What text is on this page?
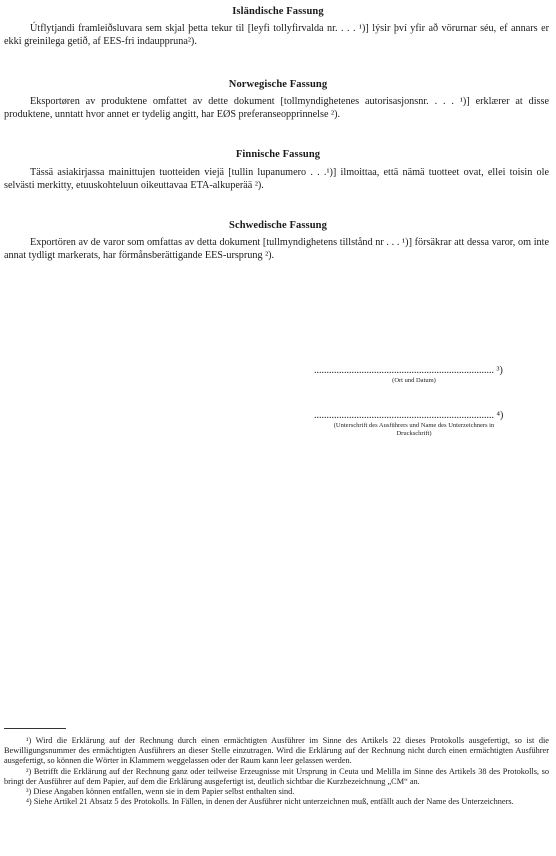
Isländische Fassung
Útflytjandi framleiðsluvara sem skjal þetta tekur til [leyfi tollyfirvalda nr. . . . ¹)] lýsir því yfir að vörurnar séu, ef annars er ekki greinilega getið, af EES-fri indauppruna²).
Norwegische Fassung
Eksportøren av produktene omfattet av dette dokument [tollmyndighetenes autorisasjonsnr. . . . ¹)] erklærer at disse produktene, unntatt hvor annet er tydelig angitt, har EØS preferanseopprinnelse ²).
Finnische Fassung
Tässä asiakirjassa mainittujen tuotteiden viejä [tullin lupanumero . . .¹)] ilmoittaa, että nämä tuotteet ovat, ellei toisin ole selvästi merkitty, etuuskohteluun oikeuttavaa ETA-alkuperää ²).
Schwedische Fassung
Exportören av de varor som omfattas av detta dokument [tullmyndighetens tillstånd nr . . . ¹)] försäkrar att dessa varor, om inte annat tydligt markerats, har förmånsberättigande EES-ursprung ²).
........................................................................ ³)
(Ort und Datum)
........................................................................ ⁴)
(Unterschrift des Ausführers und Name des Unterzeichners in Druckschrift)

¹) Wird die Erklärung auf der Rechnung durch einen ermächtigten Ausführer im Sinne des Artikels 22 dieses Protokolls ausgefertigt, so ist die Bewilligungsnummer des ermächtigten Ausführers an dieser Stelle einzutragen. Wird die Erklärung auf der Rechnung nicht durch einen ermächtigten Ausführer ausgefertigt, so können die Wörter in Klammern weggelassen oder der Raum kann leer gelassen werden.

²) Betrifft die Erklärung auf der Rechnung ganz oder teilweise Erzeugnisse mit Ursprung in Ceuta und Melilla im Sinne des Artikels 38 des Protokolls, so bringt der Ausführer auf dem Papier, auf dem die Erklärung ausgefertigt ist, deutlich sichtbar die Kurzbezeichnung „CM“ an.

³) Diese Angaben können entfallen, wenn sie in dem Papier selbst enthalten sind.

⁴) Siehe Artikel 21 Absatz 5 des Protokolls. In Fällen, in denen der Ausführer nicht unterzeichnen muß, entfällt auch der Name des Unterzeichners.
